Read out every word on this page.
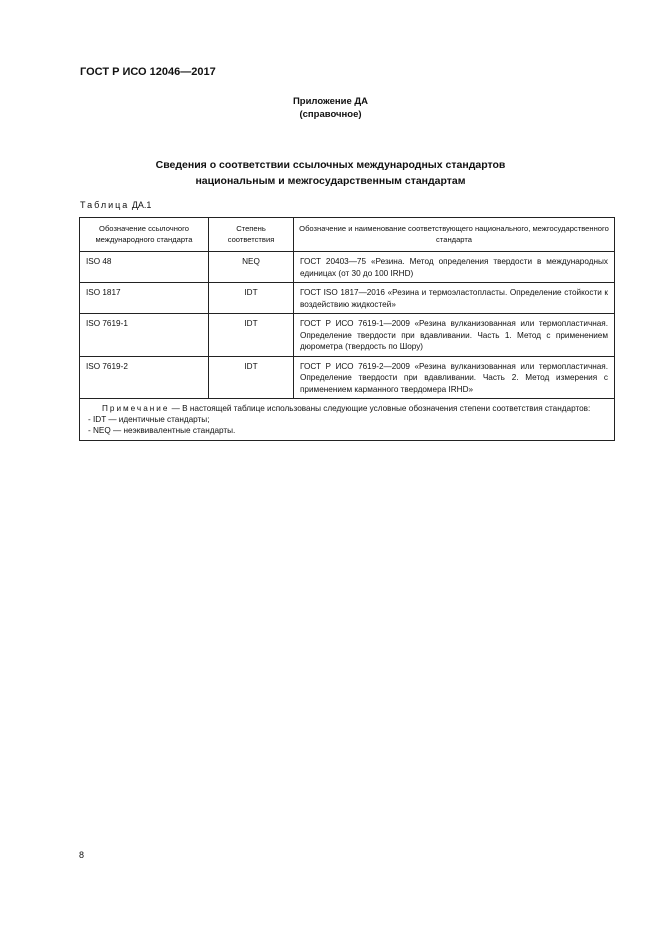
ГОСТ Р ИСО 12046—2017
Приложение ДА
(справочное)
Сведения о соответствии ссылочных международных стандартов
национальным и межгосударственным стандартам
Таблица ДА.1
Обозначение ссылочного международного стандарта	Степень соответствия	Обозначение и наименование соответствующего национального, межгосударственного стандарта
ISO 48	NEQ	ГОСТ 20403—75 «Резина. Метод определения твердости в международных единицах (от 30 до 100 IRHD)
ISO 1817	IDT	ГОСТ ISO 1817—2016 «Резина и термоэластопласты. Определение стойкости к воздействию жидкостей»
ISO 7619-1	IDT	ГОСТ Р ИСО 7619-1—2009 «Резина вулканизованная или термопластичная. Определение твердости при вдавливании. Часть 1. Метод с применением дюрометра (твердость по Шору)
ISO 7619-2	IDT	ГОСТ Р ИСО 7619-2—2009 «Резина вулканизованная или термопластичная. Определение твердости при вдавливании. Часть 2. Метод измерения с применением карманного твердомера IRHD»

Примечание — В настоящей таблице использованы следующие условные обозначения степени соответствия стандартов:
- IDT — идентичные стандарты;
- NEQ — неэквивалентные стандарты.		
8
